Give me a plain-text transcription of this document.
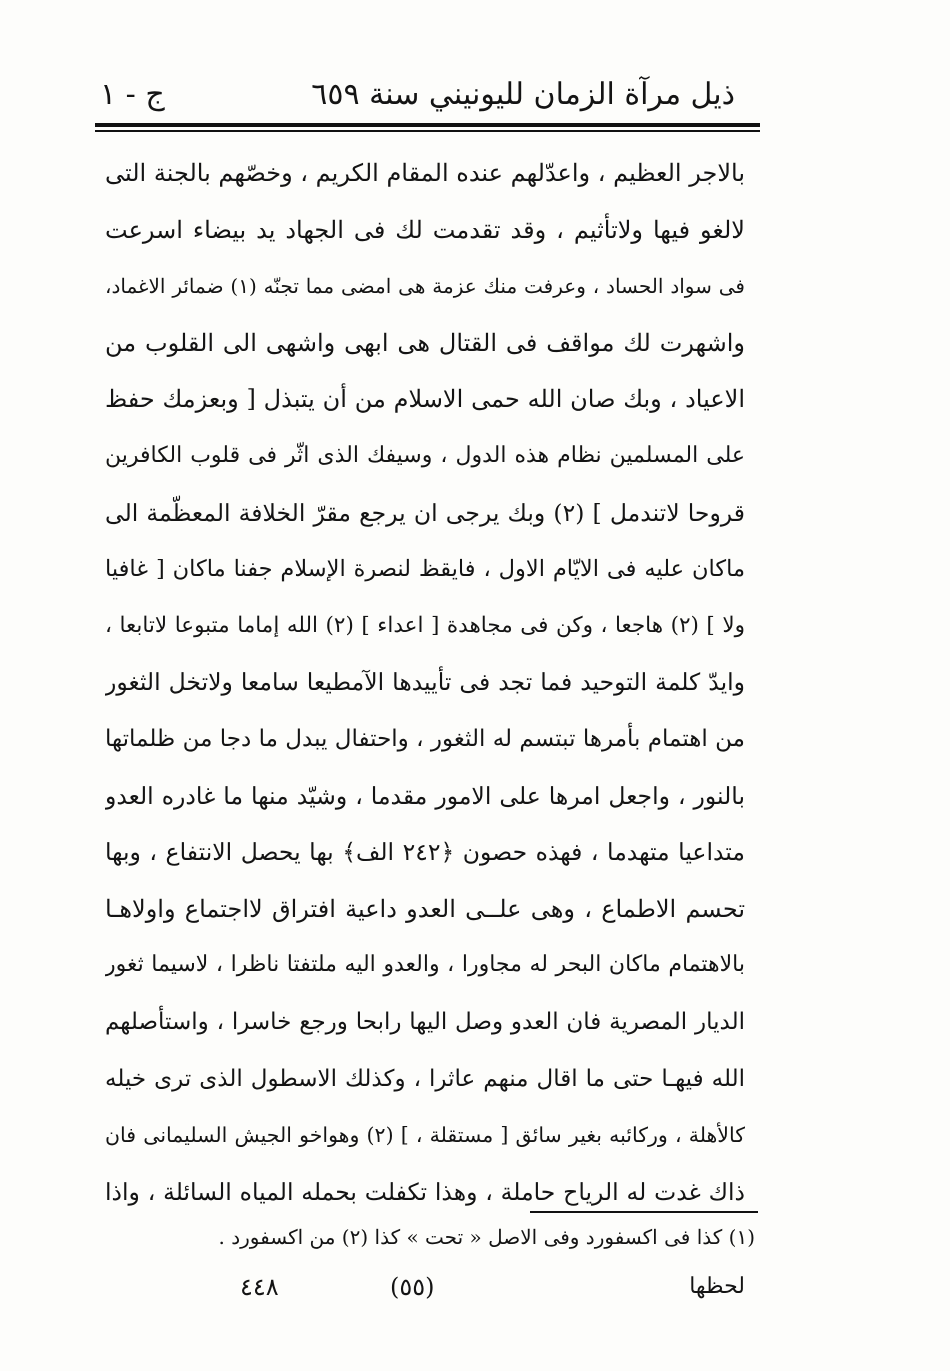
ذيل مرآة الزمان لليونيني سنة ٦٥٩
ج - ١
بالاجر العظيم ، واعدّلهم عنده المقام الكريم ، وخصّهم بالجنة التى
لالغو فيها ولاتأثيم ، وقد تقدمت لك فى الجهاد يد بيضاء اسرعت
فى سواد الحساد ، وعرفت منك عزمة هى امضى مما تجنّه (١) ضمائر الاغماد،
واشهرت لك مواقف فى القتال هى ابهى واشهى الى القلوب من
الاعياد ، وبك صان الله حمى الاسلام من أن يتبذل [ وبعزمك حفظ
على المسلمين نظام هذه الدول ، وسيفك الذى اثّر فى قلوب الكافرين
قروحا لاتندمل ] (٢) وبك يرجى ان يرجع مقرّ الخلافة المعظّمة الى
ماكان عليه فى الايّام الاول ، فايقظ لنصرة الإسلام جفنا ماكان [ غافيا
ولا ] (٢) هاجعا ، وكن فى مجاهدة [ اعداء ] (٢) الله إماما متبوعا لاتابعا ،
وايدّ كلمة التوحيد فما تجد فى تأييدها الآمطيعا سامعا ولاتخل الثغور
من اهتمام بأمرها تبتسم له الثغور ، واحتفال يبدل ما دجا من ظلماتها
بالنور ، واجعل امرها على الامور مقدما ، وشيّد منها ما غادره العدو
متداعيا متهدما ، فهذه حصون ﴿٢٤٢ الف﴾ بها يحصل الانتفاع ، وبها
تحسم الاطماع ، وهى علــى العدو داعية افتراق لااجتماع واولاهـا
بالاهتمام ماكان البحر له مجاورا ، والعدو اليه ملتفتا ناظرا ، لاسيما ثغور
الديار المصرية فان العدو وصل اليها رابحا ورجع خاسرا ، واستأصلهم
الله فيهـا حتى ما اقال منهم عاثرا ، وكذلك الاسطول الذى ترى خيله
كالأهلة ، وركائبه بغير سائق [ مستقلة ، ] (٢) وهواخو الجيش السليمانى فان
ذاك غدت له الرياح حاملة ، وهذا تكفلت بحمله المياه السائلة ، واذا
(١) كذا فى اكسفورد وفى الاصل « تحت » كذا (٢) من اكسفورد .
لحظها
(٥٥)
٤٤٨
